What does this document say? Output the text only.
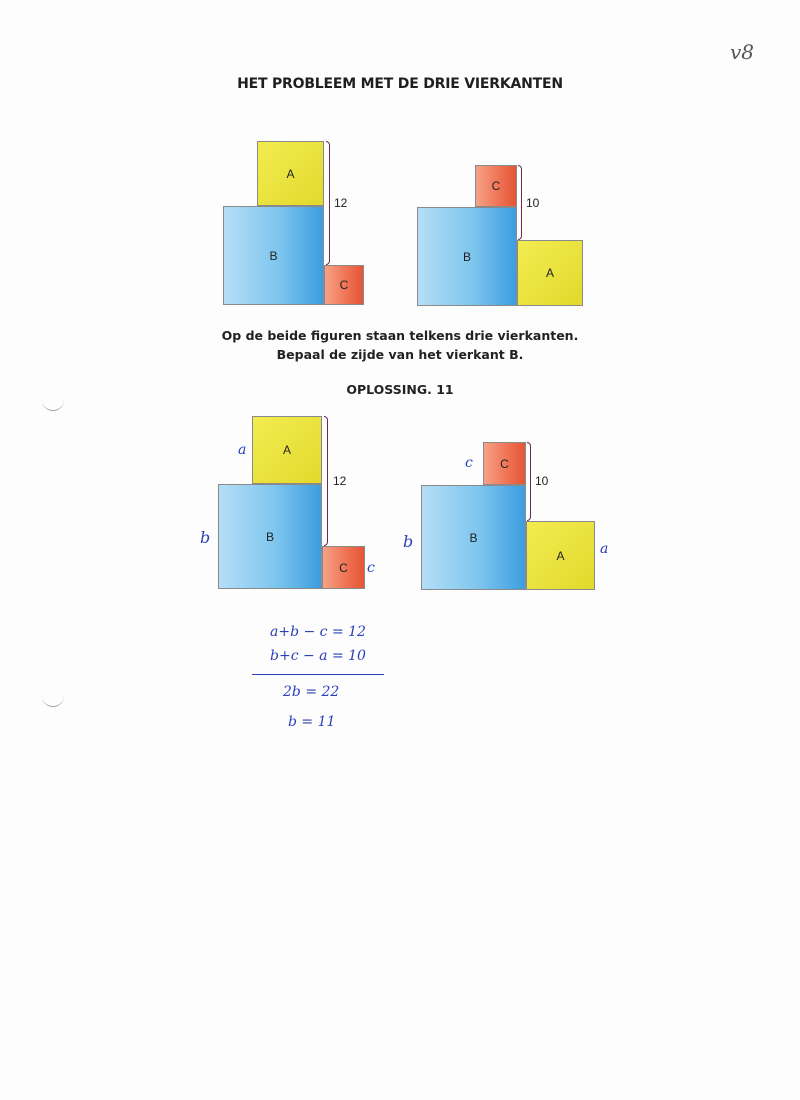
v8
HET PROBLEEM MET DE DRIE VIERKANTEN
A
B
C
12
C
B
A
10
Op de beide figuren staan telkens drie vierkanten.
Bepaal de zijde van het vierkant B.
OPLOSSING. 11
A
B
C
12
a
b
c
C
B
A
10
c
b	a
a+b − c = 12
b+c − a = 10
2b = 22
b = 11
